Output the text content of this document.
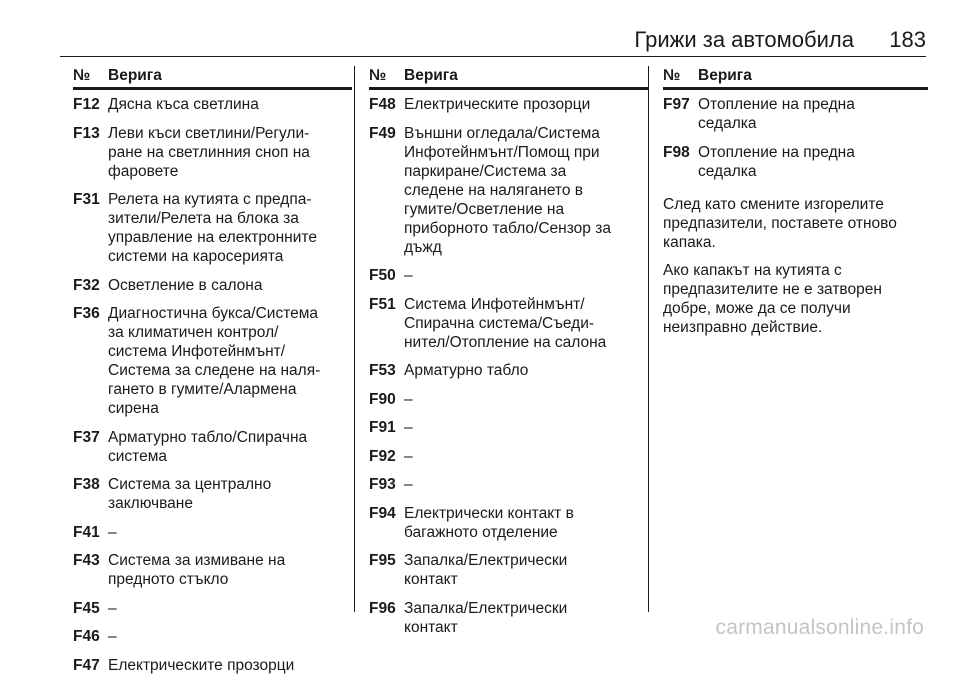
Грижи за автомобила 183
№	Верига
F12 Дясна къса светлина
F13 Леви къси светлини/Регули-
ране на светлинния сноп на
фаровете
F31 Релета на кутията с предпа-
зители/Релета на блока за
управление на електронните
системи на каросерията
F32 Осветление в салона
F36 Диагностична букса/Система
за климатичен контрол/
система Инфотейнмънт/
Система за следене на наля-
гането в гумите/Алармена
сирена
F37 Арматурно табло/Спирачна
система
F38 Система за централно
заключване
F41 –
F43 Система за измиване на
предното стъкло
F45 –
F46 –
F47 Електрическите прозорци
№	Верига
F48 Електрическите прозорци
F49 Външни огледала/Система
Инфотейнмънт/Помощ при
паркиране/Система за
следене на налягането в
гумите/Осветление на
приборното табло/Сензор за
дъжд
F50 –
F51 Система Инфотейнмънт/
Спирачна система/Съеди-
нител/Отопление на салона
F53 Арматурно табло
F90 –
F91 –
F92 –
F93 –
F94 Електрически контакт в
багажното отделение
F95 Запалка/Електрически
контакт
F96 Запалка/Електрически
контакт
№	Верига
F97 Отопление на предна
седалка
F98 Отопление на предна
седалка

След като смените изгорелите
предпазители, поставете отново
капака.

Ако капакът на кутията с
предпазителите не е затворен
добре, може да се получи
неизправно действие.

carmanualsonline.info
